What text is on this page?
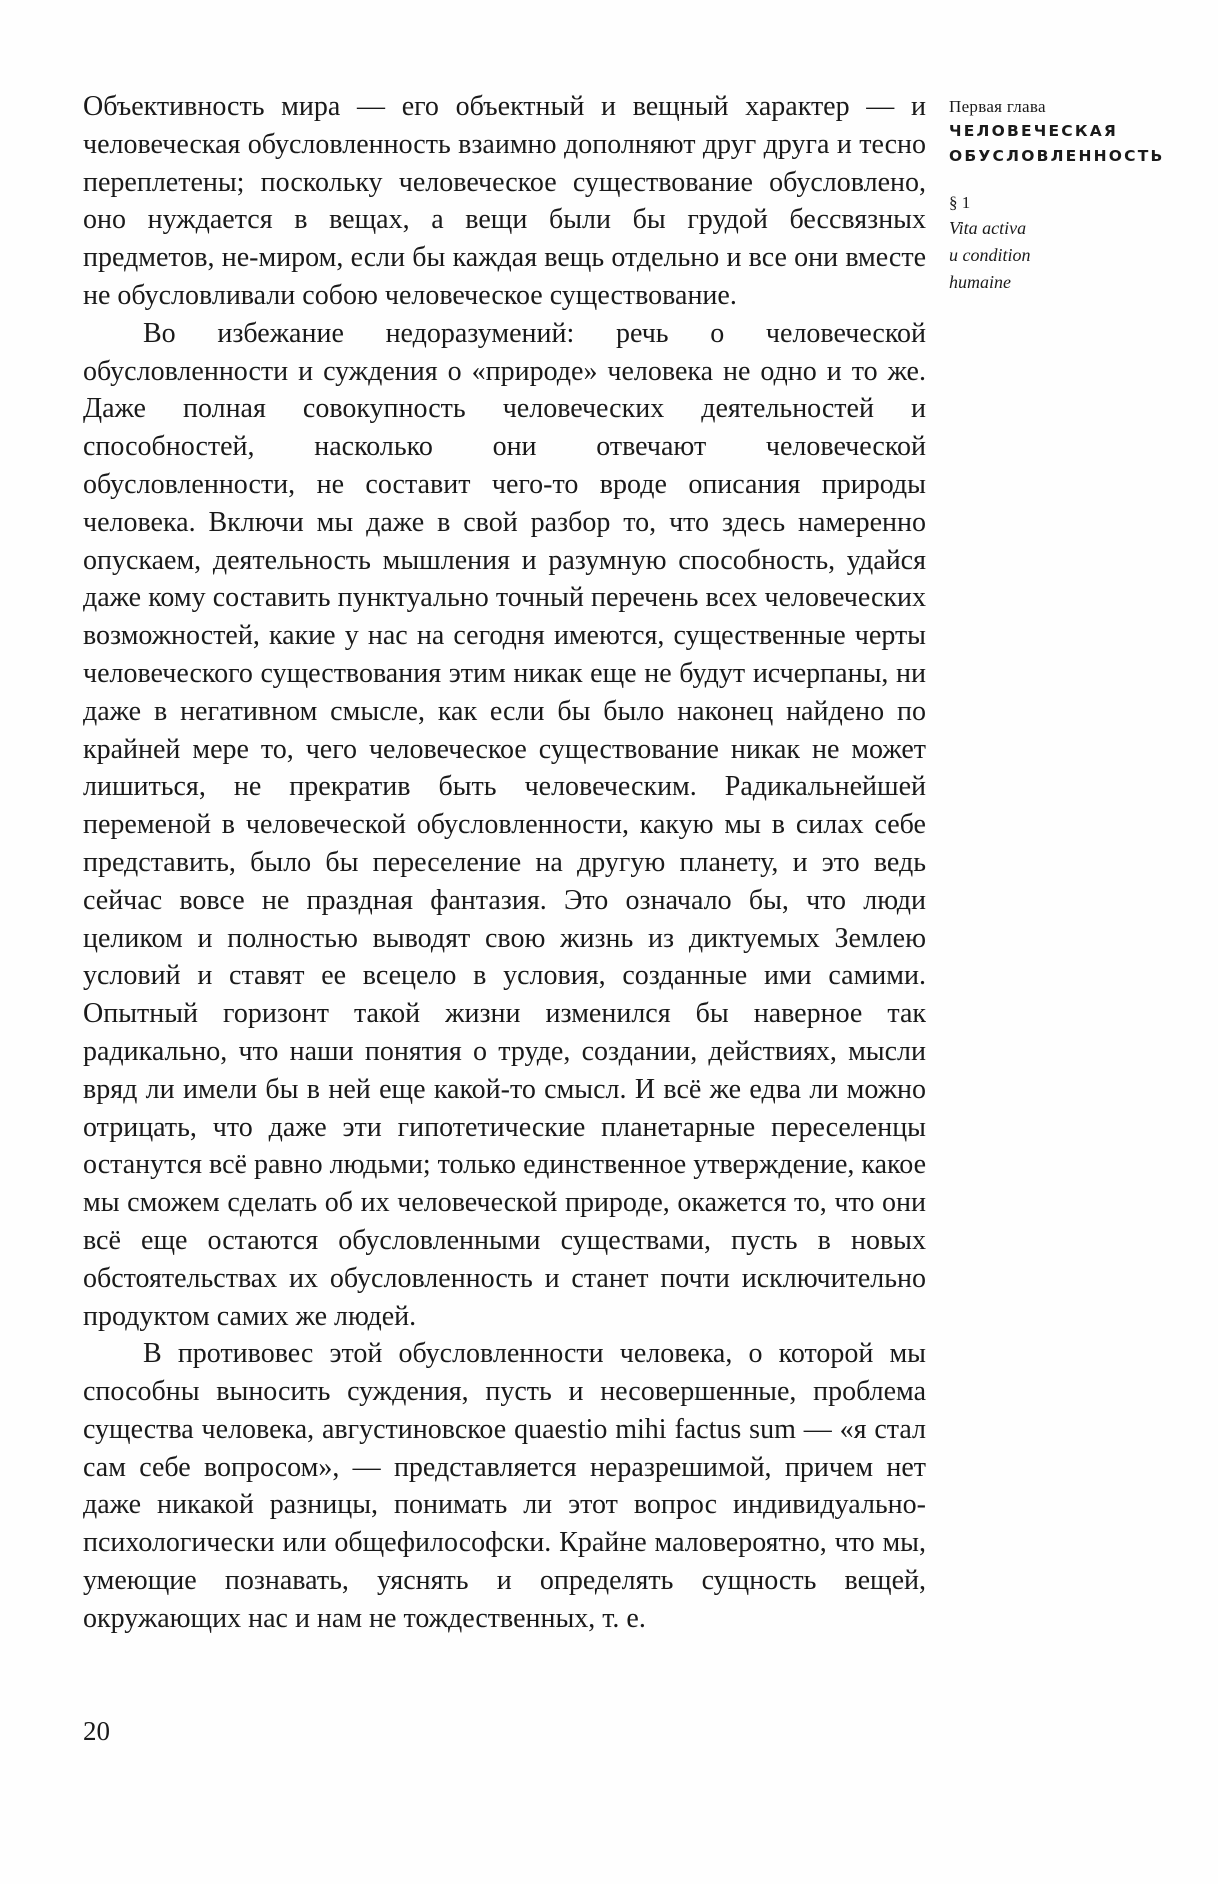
Объективность мира — его объектный и вещный характер — и человеческая обусловленность взаимно дополняют друг друга и тесно переплетены; поскольку человеческое существование обусловлено, оно нуждается в вещах, а вещи были бы грудой бессвязных предметов, не-миром, если бы каждая вещь отдельно и все они вместе не обусловливали собою человеческое существование.

Во избежание недоразумений: речь о человеческой обусловленности и суждения о «природе» человека не одно и то же. Даже полная совокупность человеческих деятельностей и способностей, насколько они отвечают человеческой обусловленности, не составит чего-то вроде описания природы человека. Включи мы даже в свой разбор то, что здесь намеренно опускаем, деятельность мышления и разумную способность, удайся даже кому составить пунктуально точный перечень всех человеческих возможностей, какие у нас на сегодня имеются, существенные черты человеческого существования этим никак еще не будут исчерпаны, ни даже в негативном смысле, как если бы было наконец найдено по крайней мере то, чего человеческое существование никак не может лишиться, не прекратив быть человеческим. Радикальнейшей переменой в человеческой обусловленности, какую мы в силах себе представить, было бы переселение на другую планету, и это ведь сейчас вовсе не праздная фантазия. Это означало бы, что люди целиком и полностью выводят свою жизнь из диктуемых Землею условий и ставят ее всецело в условия, созданные ими самими. Опытный горизонт такой жизни изменился бы наверное так радикально, что наши понятия о труде, создании, действиях, мысли вряд ли имели бы в ней еще какой-то смысл. И всё же едва ли можно отрицать, что даже эти гипотетические планетарные переселенцы останутся всё равно людьми; только единственное утверждение, какое мы сможем сделать об их человеческой природе, окажется то, что они всё еще остаются обусловленными существами, пусть в новых обстоятельствах их обусловленность и станет почти исключительно продуктом самих же людей.

В противовес этой обусловленности человека, о которой мы способны выносить суждения, пусть и несовершенные, проблема существа человека, августиновское quaestio mihi factus sum — «я стал сам себе вопросом», — представляется неразрешимой, причем нет даже никакой разницы, понимать ли этот вопрос индивидуально-психологически или общефилософски. Крайне маловероятно, что мы, умеющие познавать, уяснять и определять сущность вещей, окружающих нас и нам не тождественных, т. е.

Первая глава
ЧЕЛОВЕЧЕСКАЯ
ОБУСЛОВЛЕННОСТЬ
§ 1
Vita activa
и condition
humaine
20
